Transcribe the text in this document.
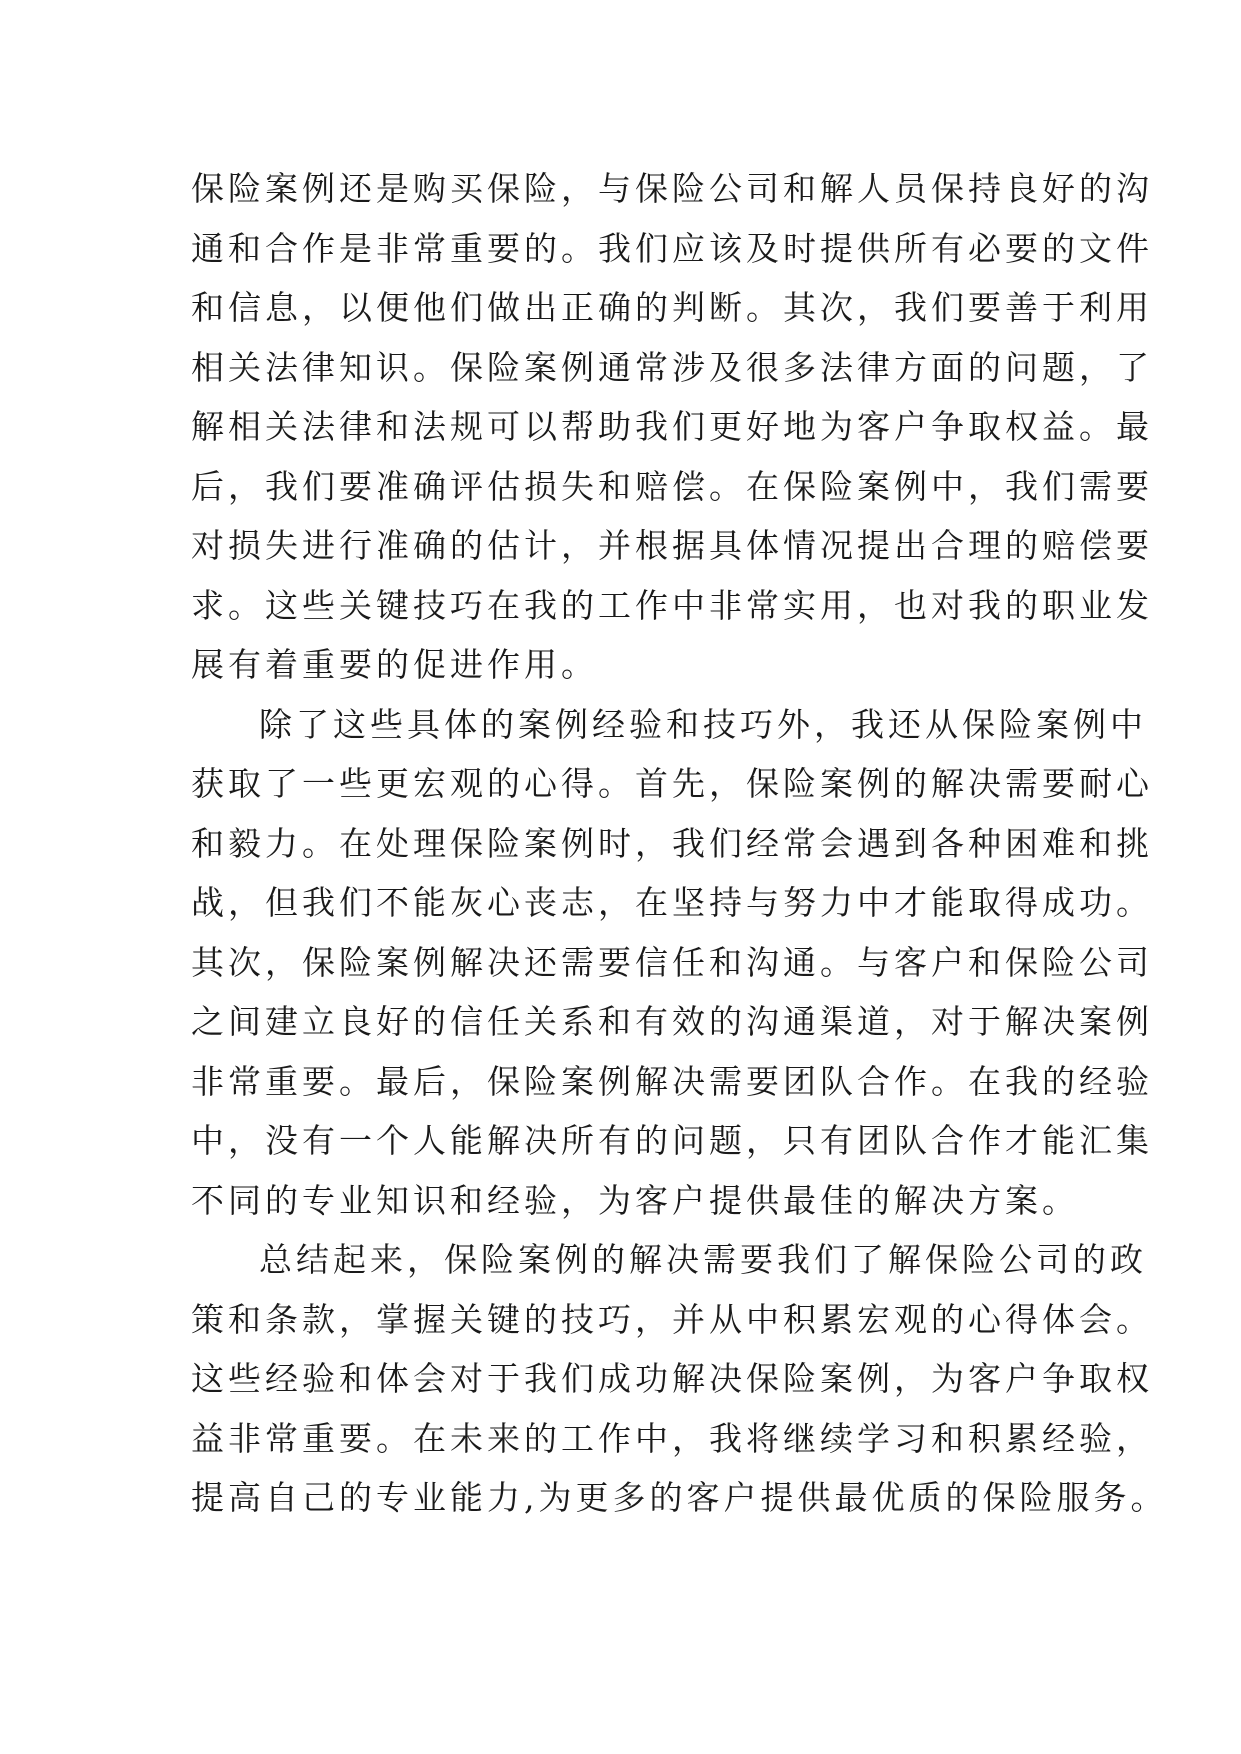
保险案例还是购买保险，与保险公司和解人员保持良好的沟
通和合作是非常重要的。我们应该及时提供所有必要的文件
和信息，以便他们做出正确的判断。其次，我们要善于利用
相关法律知识。保险案例通常涉及很多法律方面的问题，了
解相关法律和法规可以帮助我们更好地为客户争取权益。最
后，我们要准确评估损失和赔偿。在保险案例中，我们需要
对损失进行准确的估计，并根据具体情况提出合理的赔偿要
求。这些关键技巧在我的工作中非常实用，也对我的职业发
展有着重要的促进作用。
除了这些具体的案例经验和技巧外，我还从保险案例中
获取了一些更宏观的心得。首先，保险案例的解决需要耐心
和毅力。在处理保险案例时，我们经常会遇到各种困难和挑
战，但我们不能灰心丧志，在坚持与努力中才能取得成功。
其次，保险案例解决还需要信任和沟通。与客户和保险公司
之间建立良好的信任关系和有效的沟通渠道，对于解决案例
非常重要。最后，保险案例解决需要团队合作。在我的经验
中，没有一个人能解决所有的问题，只有团队合作才能汇集
不同的专业知识和经验，为客户提供最佳的解决方案。
总结起来，保险案例的解决需要我们了解保险公司的政
策和条款，掌握关键的技巧，并从中积累宏观的心得体会。
这些经验和体会对于我们成功解决保险案例，为客户争取权
益非常重要。在未来的工作中，我将继续学习和积累经验，
提高自己的专业能力,为更多的客户提供最优质的保险服务。
